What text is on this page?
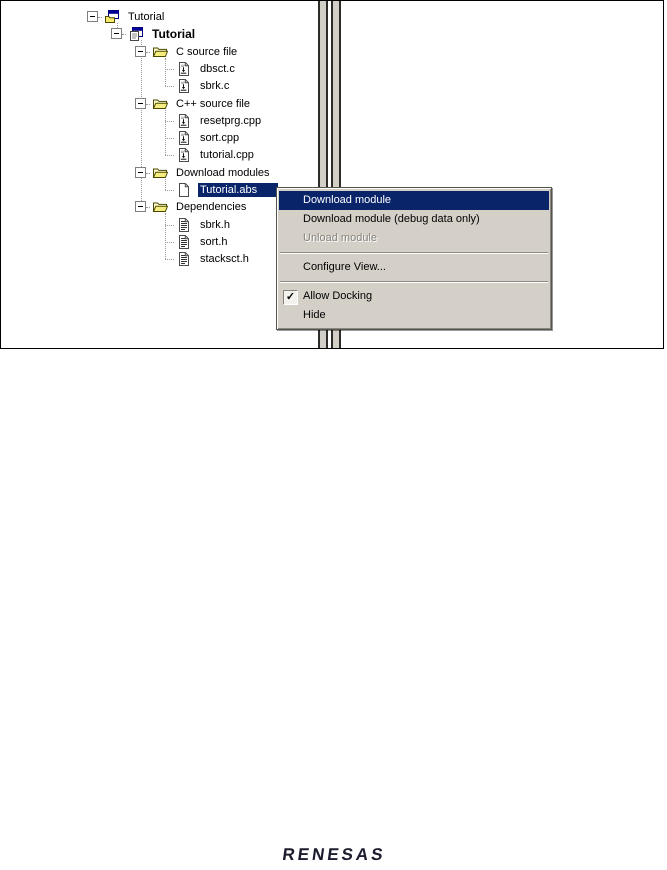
Tutorial
Tutorial
C source file
dbsct.c
sbrk.c
C++ source file
resetprg.cpp
sort.cpp
tutorial.cpp
Download modules
Tutorial.abs
Dependencies
sbrk.h
sort.h
stacksct.h
Download module
Download module (debug data only)
Unload module
Configure View...
✓ Allow Docking
Hide
RENESAS
